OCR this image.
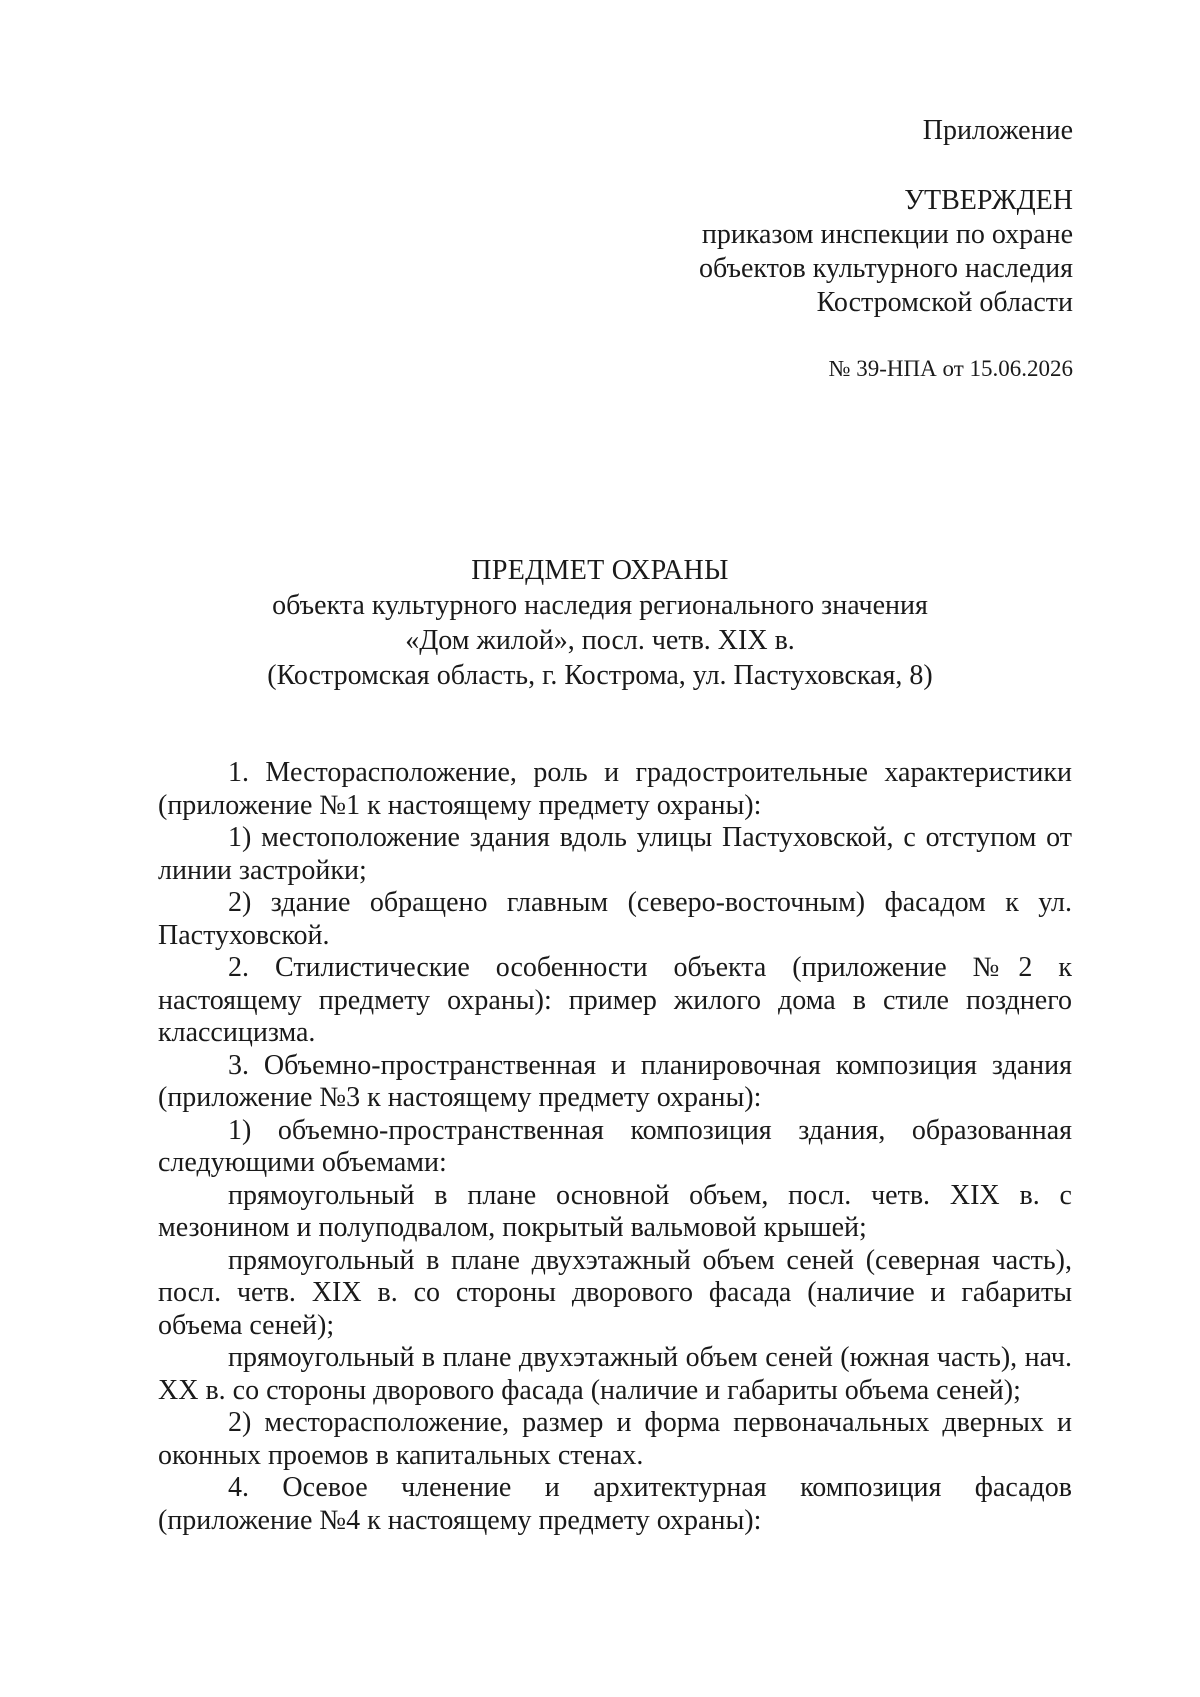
Приложение
УТВЕРЖДЕН
приказом инспекции по охране
объектов культурного наследия
Костромской области
№ 39-НПА от 15.06.2026
ПРЕДМЕТ ОХРАНЫ
объекта культурного наследия регионального значения
«Дом жилой», посл. четв. XIX в.
(Костромская область, г. Кострома, ул. Пастуховская, 8)

1. Месторасположение, роль и градостроительные характеристики (приложение №1 к настоящему предмету охраны):

1) местоположение здания вдоль улицы Пастуховской, с отступом от линии застройки;

2) здание обращено главным (северо-восточным) фасадом к ул. Пастуховской.

2. Стилистические особенности объекта (приложение №2 к настоящему предмету охраны): пример жилого дома в стиле позднего классицизма.

3. Объемно-пространственная и планировочная композиция здания (приложение №3 к настоящему предмету охраны):

1) объемно-пространственная композиция здания, образованная следующими объемами:

прямоугольный в плане основной объем, посл. четв. XIX в. с мезонином и полуподвалом, покрытый вальмовой крышей;

прямоугольный в плане двухэтажный объем сеней (северная часть), посл. четв. XIX в. со стороны дворового фасада (наличие и габариты объема сеней);

прямоугольный в плане двухэтажный объем сеней (южная часть), нач. XX в. со стороны дворового фасада (наличие и габариты объема сеней);

2) месторасположение, размер и форма первоначальных дверных и оконных проемов в капитальных стенах.

4. Осевое членение и архитектурная композиция фасадов (приложение №4 к настоящему предмету охраны):
